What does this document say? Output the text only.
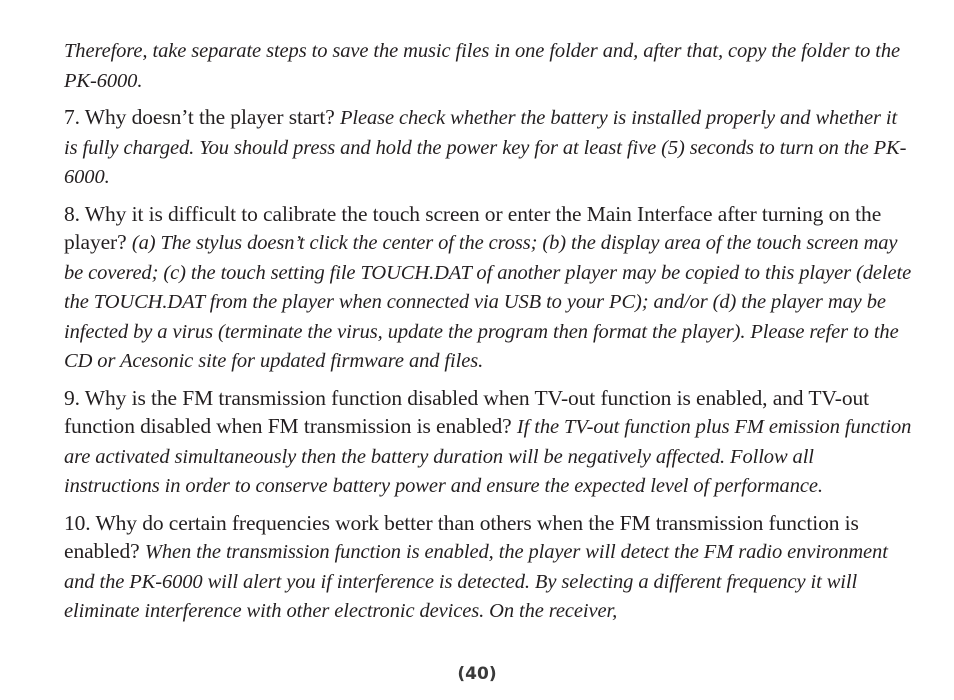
Therefore, take separate steps to save the music files in one folder and, after that, copy the folder to the PK-6000.

7. Why doesn’t the player start? Please check whether the battery is installed properly and whether it is fully charged. You should press and hold the power key for at least five (5) seconds to turn on the PK-6000.

8. Why it is difficult to calibrate the touch screen or enter the Main Interface after turning on the player? (a) The stylus doesn’t click the center of the cross; (b) the display area of the touch screen may be covered; (c) the touch setting file TOUCH.DAT of another player may be copied to this player (delete the TOUCH.DAT from the player when connected via USB to your PC); and/or (d) the player may be infected by a virus (terminate the virus, update the program then format the player). Please refer to the CD or Acesonic site for updated firmware and files.

9. Why is the FM transmission function disabled when TV-out function is enabled, and TV-out function disabled when FM transmission is enabled? If the TV-out function plus FM emission function are activated simultaneously then the battery duration will be negatively affected. Follow all instructions in order to conserve battery power and ensure the expected level of performance.

10. Why do certain frequencies work better than others when the FM transmission function is enabled? When the transmission function is enabled, the player will detect the FM radio environment and the PK-6000 will alert you if interference is detected. By selecting a different frequency it will eliminate interference with other electronic devices. On the receiver,

(40)
